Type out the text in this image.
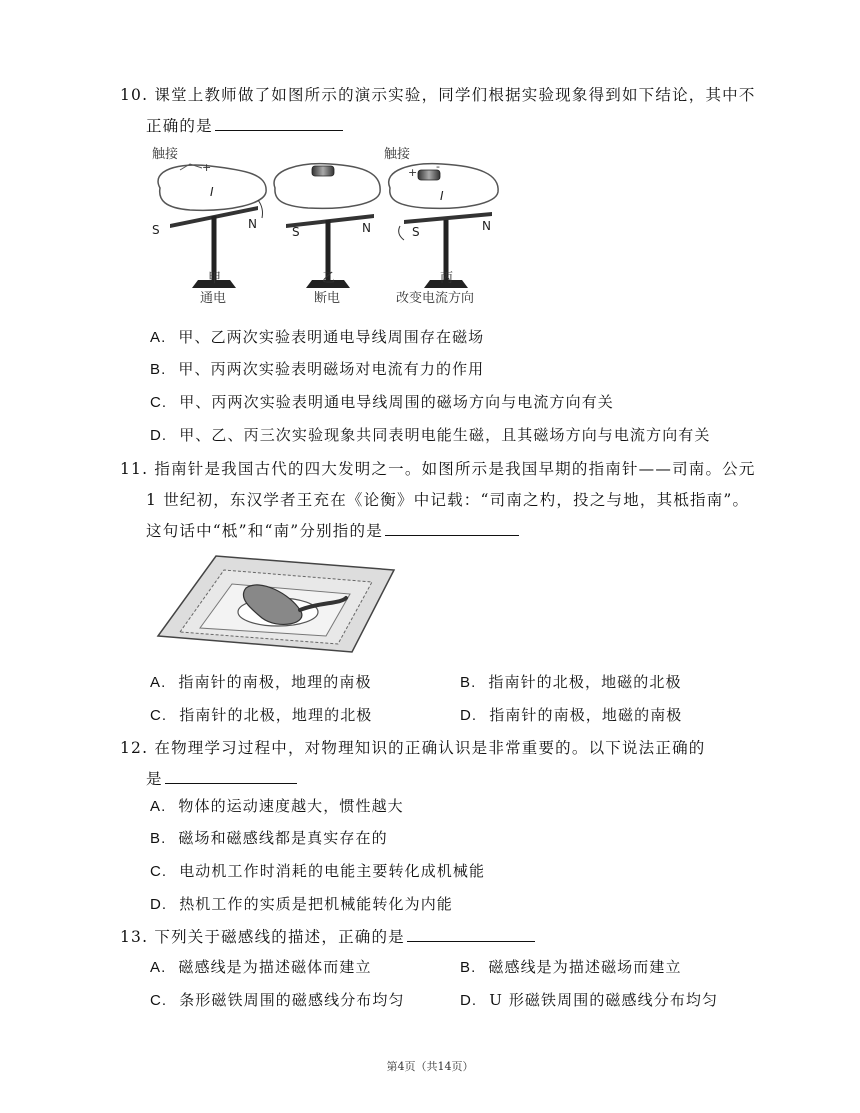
10. 课堂上教师做了如图所示的演示实验，同学们根据实验现象得到如下结论，其中不
正确的是
触接
+
I
S	N
甲
通电
S	N
乙
断电
触接
+ -
I
S	N
丙
改变电流方向
A. 甲、乙两次实验表明通电导线周围存在磁场
B. 甲、丙两次实验表明磁场对电流有力的作用
C. 甲、丙两次实验表明通电导线周围的磁场方向与电流方向有关
D. 甲、乙、丙三次实验现象共同表明电能生磁，且其磁场方向与电流方向有关
11. 指南针是我国古代的四大发明之一。如图所示是我国早期的指南针——司南。公元
1 世纪初，东汉学者王充在《论衡》中记载：“司南之杓，投之与地，其柢指南”。
这句话中“柢”和“南”分别指的是
A. 指南针的南极，地理的南极	B. 指南针的北极，地磁的北极
C. 指南针的北极，地理的北极	D. 指南针的南极，地磁的南极
12. 在物理学习过程中，对物理知识的正确认识是非常重要的。以下说法正确的
是
A. 物体的运动速度越大，惯性越大
B. 磁场和磁感线都是真实存在的
C. 电动机工作时消耗的电能主要转化成机械能
D. 热机工作的实质是把机械能转化为内能
13. 下列关于磁感线的描述，正确的是
A. 磁感线是为描述磁体而建立	B. 磁感线是为描述磁场而建立
C. 条形磁铁周围的磁感线分布均匀	D. U 形磁铁周围的磁感线分布均匀
第4页（共14页）
